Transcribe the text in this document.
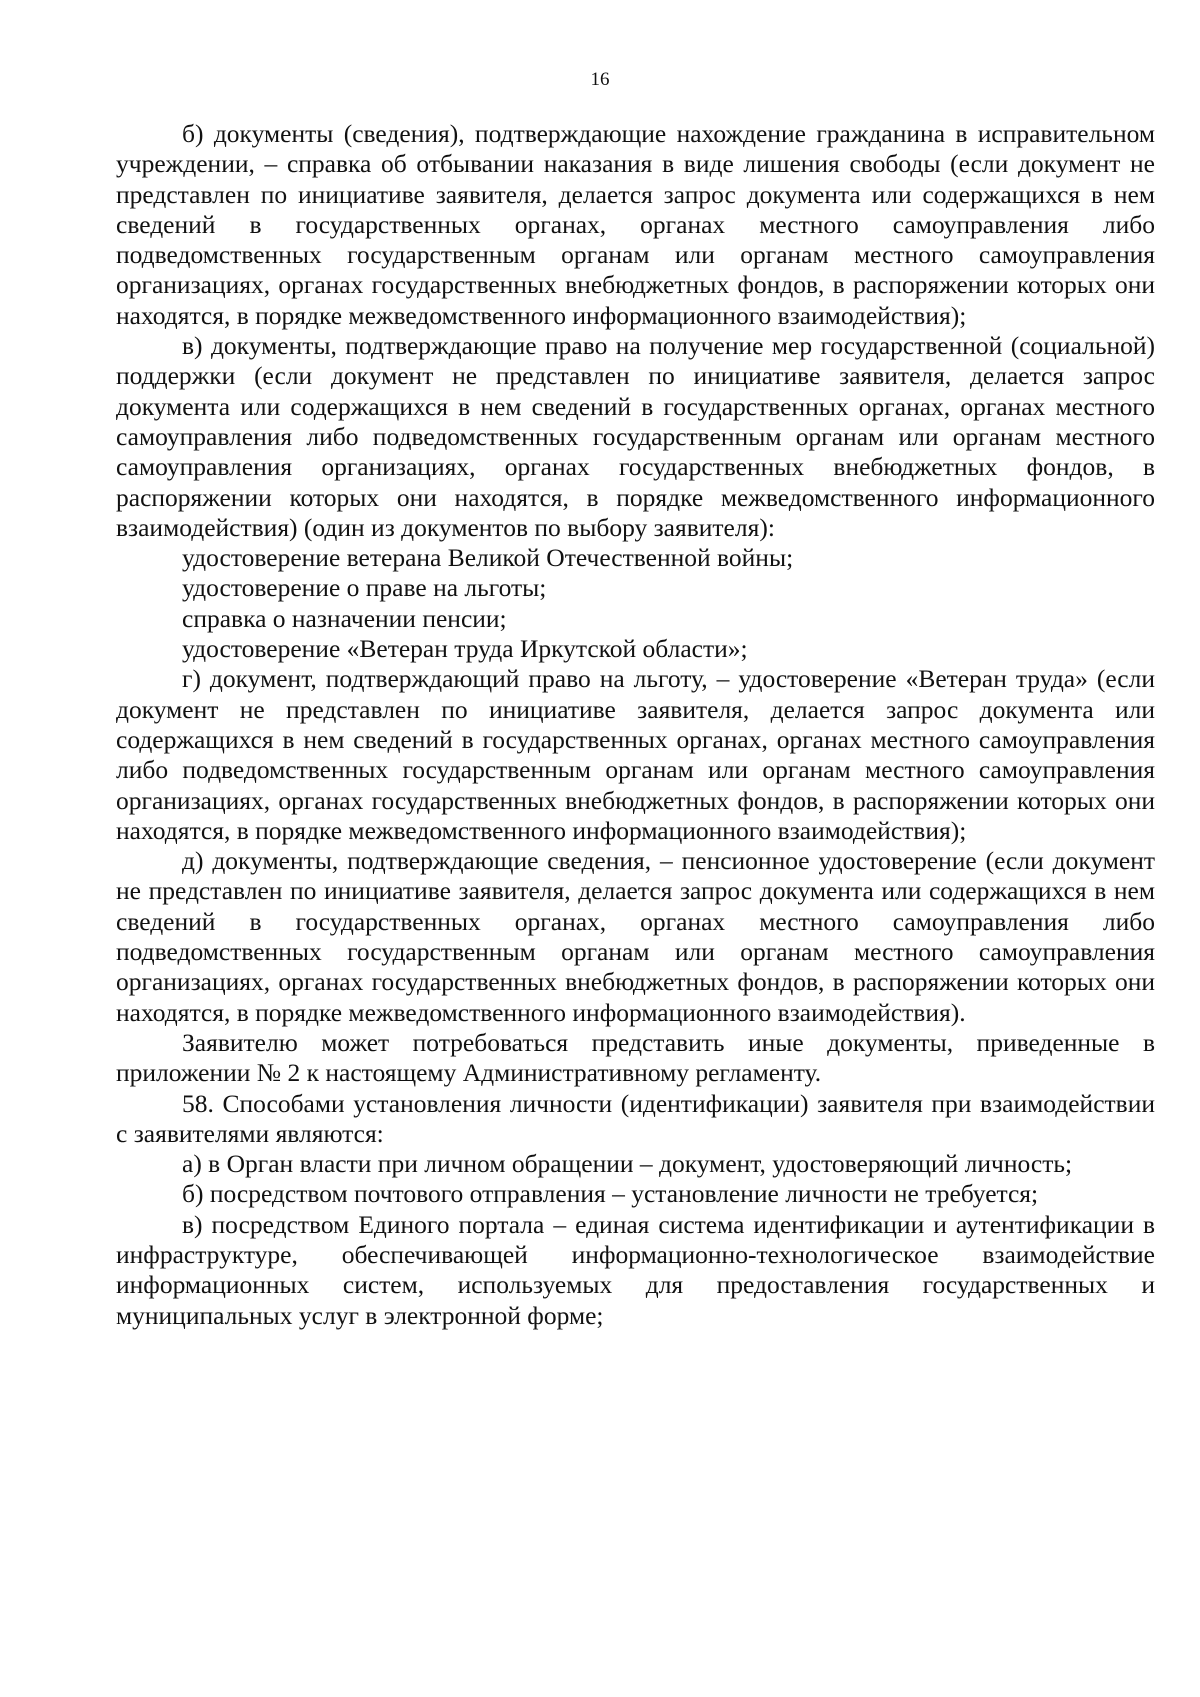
16

б) документы (сведения), подтверждающие нахождение гражданина в исправительном учреждении, – справка об отбывании наказания в виде лишения свободы (если документ не представлен по инициативе заявителя, делается запрос документа или содержащихся в нем сведений в государственных органах, органах местного самоуправления либо подведомственных государственным органам или органам местного самоуправления организациях, органах государственных внебюджетных фондов, в распоряжении которых они находятся, в порядке межведомственного информационного взаимодействия);

в) документы, подтверждающие право на получение мер государственной (социальной) поддержки (если документ не представлен по инициативе заявителя, делается запрос документа или содержащихся в нем сведений в государственных органах, органах местного самоуправления либо подведомственных государственным органам или органам местного самоуправления организациях, органах государственных внебюджетных фондов, в распоряжении которых они находятся, в порядке межведомственного информационного взаимодействия) (один из документов по выбору заявителя):

удостоверение ветерана Великой Отечественной войны;

удостоверение о праве на льготы;

справка о назначении пенсии;

удостоверение «Ветеран труда Иркутской области»;

г) документ, подтверждающий право на льготу, – удостоверение «Ветеран труда» (если документ не представлен по инициативе заявителя, делается запрос документа или содержащихся в нем сведений в государственных органах, органах местного самоуправления либо подведомственных государственным органам или органам местного самоуправления организациях, органах государственных внебюджетных фондов, в распоряжении которых они находятся, в порядке межведомственного информационного взаимодействия);

д) документы, подтверждающие сведения, – пенсионное удостоверение (если документ не представлен по инициативе заявителя, делается запрос документа или содержащихся в нем сведений в государственных органах, органах местного самоуправления либо подведомственных государственным органам или органам местного самоуправления организациях, органах государственных внебюджетных фондов, в распоряжении которых они находятся, в порядке межведомственного информационного взаимодействия).

Заявителю может потребоваться представить иные документы, приведенные в приложении № 2 к настоящему Административному регламенту.

58. Способами установления личности (идентификации) заявителя при взаимодействии с заявителями являются:

а) в Орган власти при личном обращении – документ, удостоверяющий личность;

б) посредством почтового отправления – установление личности не требуется;

в) посредством Единого портала – единая система идентификации и аутентификации в инфраструктуре, обеспечивающей информационно-технологическое взаимодействие информационных систем, используемых для предоставления государственных и муниципальных услуг в электронной форме;
